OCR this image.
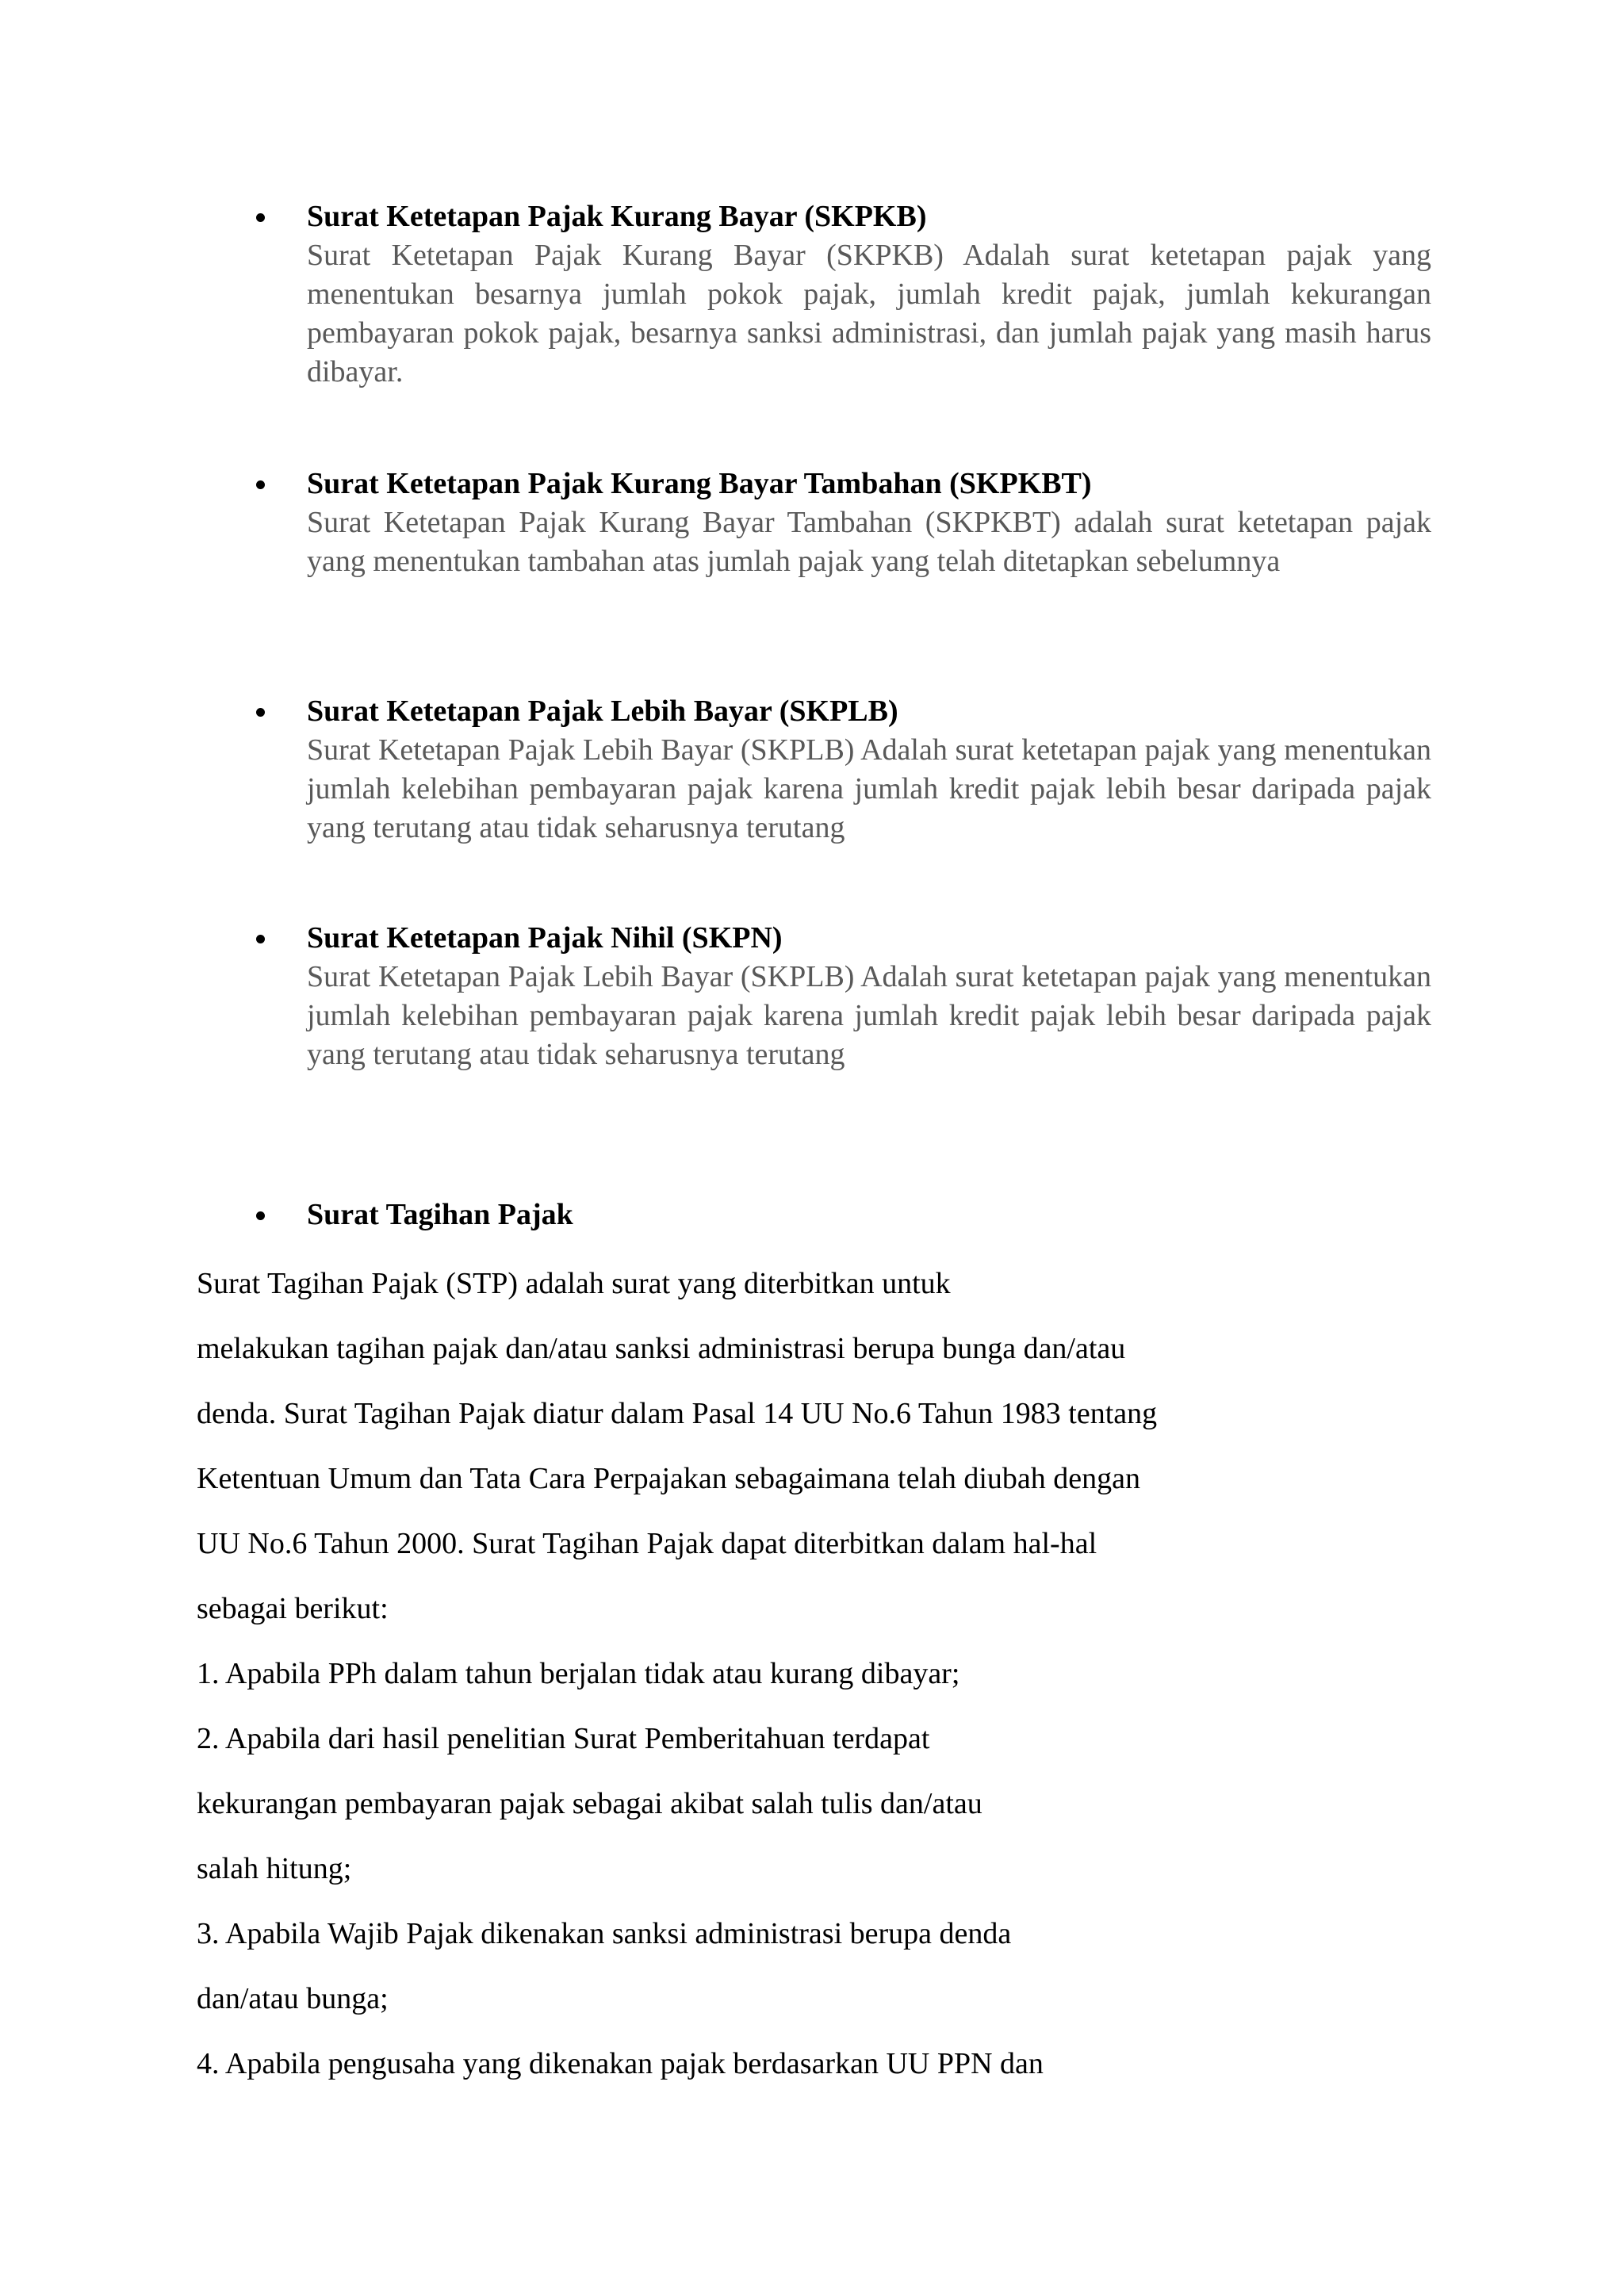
Surat Ketetapan Pajak Kurang Bayar (SKPKB)
Surat Ketetapan Pajak Kurang Bayar (SKPKB) Adalah surat ketetapan pajak yang menentukan besarnya jumlah pokok pajak, jumlah kredit pajak, jumlah kekurangan pembayaran pokok pajak, besarnya sanksi administrasi, dan jumlah pajak yang masih harus dibayar.
Surat Ketetapan Pajak Kurang Bayar Tambahan (SKPKBT)
Surat Ketetapan Pajak Kurang Bayar Tambahan (SKPKBT) adalah surat ketetapan pajak yang menentukan tambahan atas jumlah pajak yang telah ditetapkan sebelumnya
Surat Ketetapan Pajak Lebih Bayar (SKPLB)
Surat Ketetapan Pajak Lebih Bayar (SKPLB) Adalah surat ketetapan pajak yang menentukan jumlah kelebihan pembayaran pajak karena jumlah kredit pajak lebih besar daripada pajak yang terutang atau tidak seharusnya terutang
Surat Ketetapan Pajak Nihil (SKPN)
Surat Ketetapan Pajak Lebih Bayar (SKPLB) Adalah surat ketetapan pajak yang menentukan jumlah kelebihan pembayaran pajak karena jumlah kredit pajak lebih besar daripada pajak yang terutang atau tidak seharusnya terutang
Surat Tagihan Pajak
Surat Tagihan Pajak (STP) adalah surat yang diterbitkan untuk
melakukan tagihan pajak dan/atau sanksi administrasi berupa bunga dan/atau
denda. Surat Tagihan Pajak diatur dalam Pasal 14 UU No.6 Tahun 1983 tentang
Ketentuan Umum dan Tata Cara Perpajakan sebagaimana telah diubah dengan
UU No.6 Tahun 2000. Surat Tagihan Pajak dapat diterbitkan dalam hal-hal
sebagai berikut:
1. Apabila PPh dalam tahun berjalan tidak atau kurang dibayar;
2. Apabila dari hasil penelitian Surat Pemberitahuan terdapat
kekurangan pembayaran pajak sebagai akibat salah tulis dan/atau
salah hitung;
3. Apabila Wajib Pajak dikenakan sanksi administrasi berupa denda
dan/atau bunga;
4. Apabila pengusaha yang dikenakan pajak berdasarkan UU PPN dan
